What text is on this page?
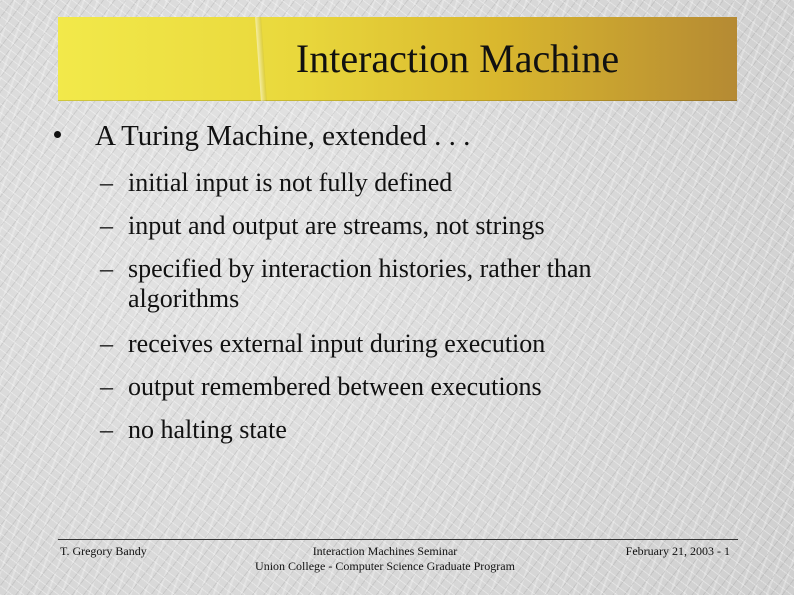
Interaction Machine
A Turing Machine, extended . . .
– initial input is not fully defined
– input and output are streams, not strings
– specified by interaction histories, rather than algorithms
– receives external input during execution
– output remembered between executions
– no halting state
T. Gregory Bandy	Interaction Machines Seminar
Union College - Computer Science Graduate Program
February 21, 2003 - 1
